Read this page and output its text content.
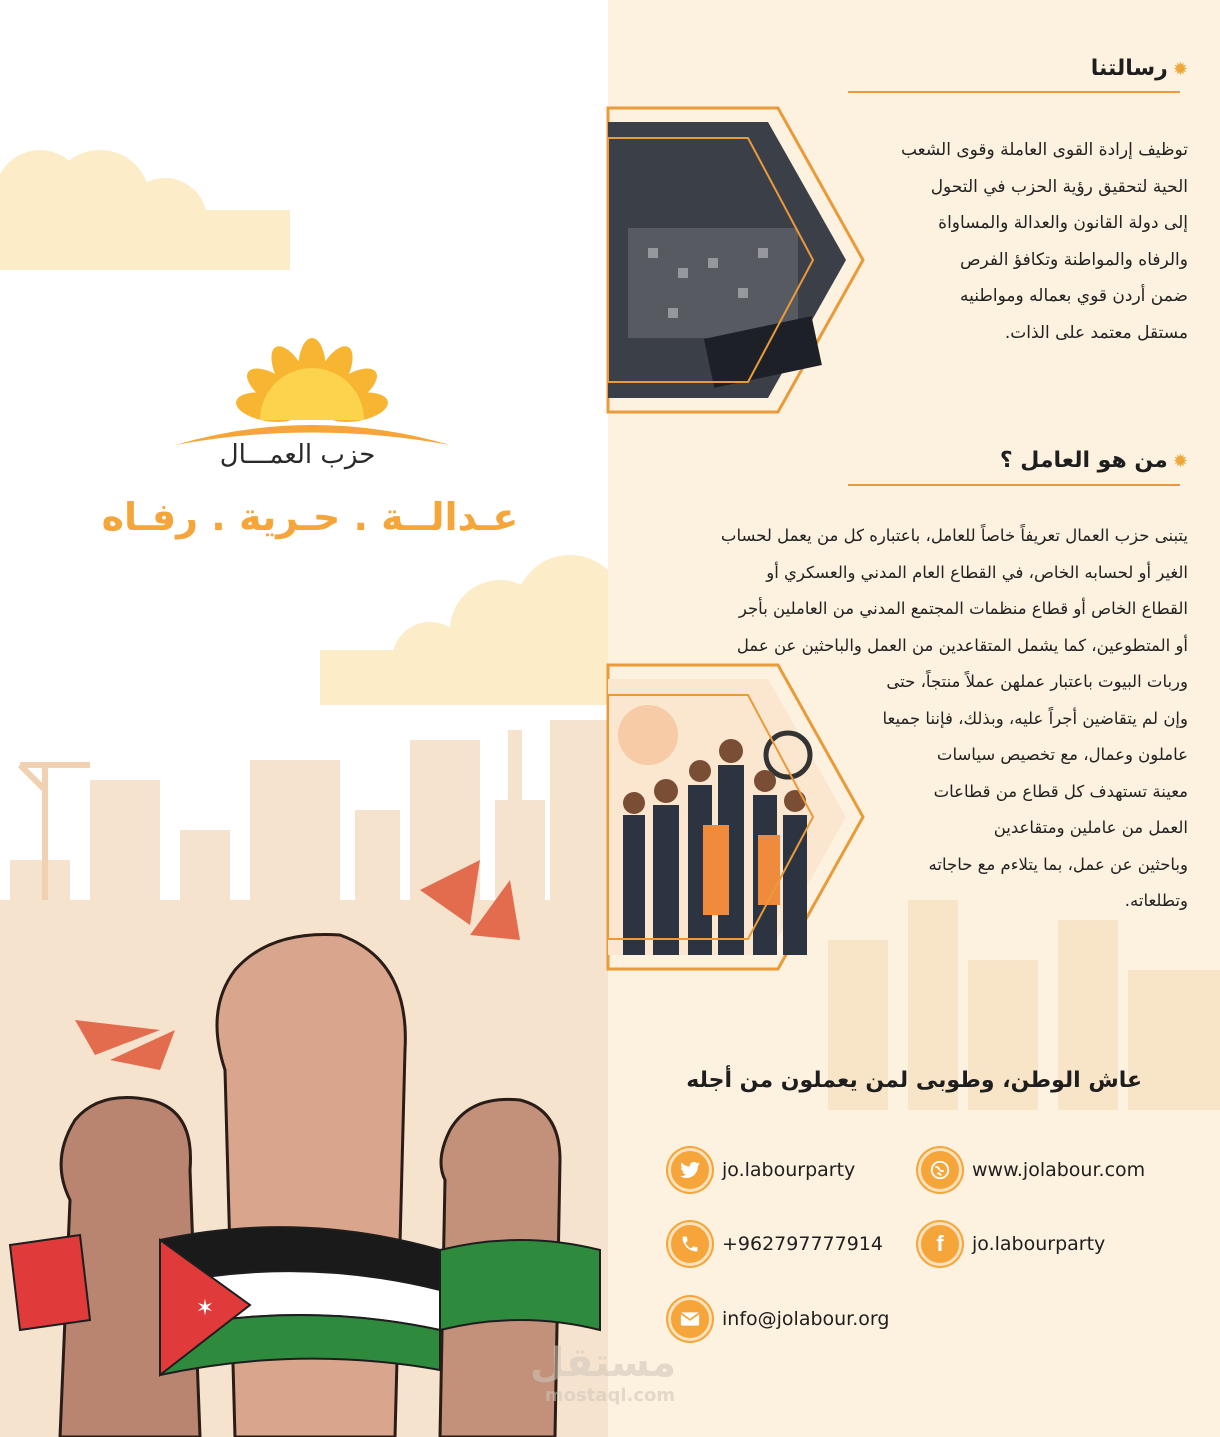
✶
حزب العمـــال
عـدالــة . حـرية . رفـاه
✹ رسالتنا
توظيف إرادة القوى العاملة وقوى الشعب
الحية لتحقيق رؤية الحزب في التحول
إلى دولة القانون والعدالة والمساواة
والرفاه والمواطنة وتكافؤ الفرص
ضمن أردن قوي بعماله ومواطنيه
مستقل معتمد على الذات.
✹ من هو العامل ؟
يتبنى حزب العمال تعريفاً خاصاً للعامل، باعتباره كل من يعمل لحساب
الغير أو لحسابه الخاص، في القطاع العام المدني والعسكري أو
القطاع الخاص أو قطاع منظمات المجتمع المدني من العاملين بأجر
أو المتطوعين، كما يشمل المتقاعدين من العمل والباحثين عن عمل
وربات البيوت باعتبار عملهن عملاً منتجاً، حتى
وإن لم يتقاضين أجراً عليه، وبذلك، فإننا جميعا
عاملون وعمال، مع تخصيص سياسات
معينة تستهدف كل قطاع من قطاعات
العمل من عاملين ومتقاعدين
وباحثين عن عمل، بما يتلاءم مع حاجاته
وتطلعاته.
عاش الوطن، وطوبى لمن يعملون من أجله
jo.labourparty	www.jolabour.com
+962797777914 f jo.labourparty
info@jolabour.org
مستقل
mostaql.com
